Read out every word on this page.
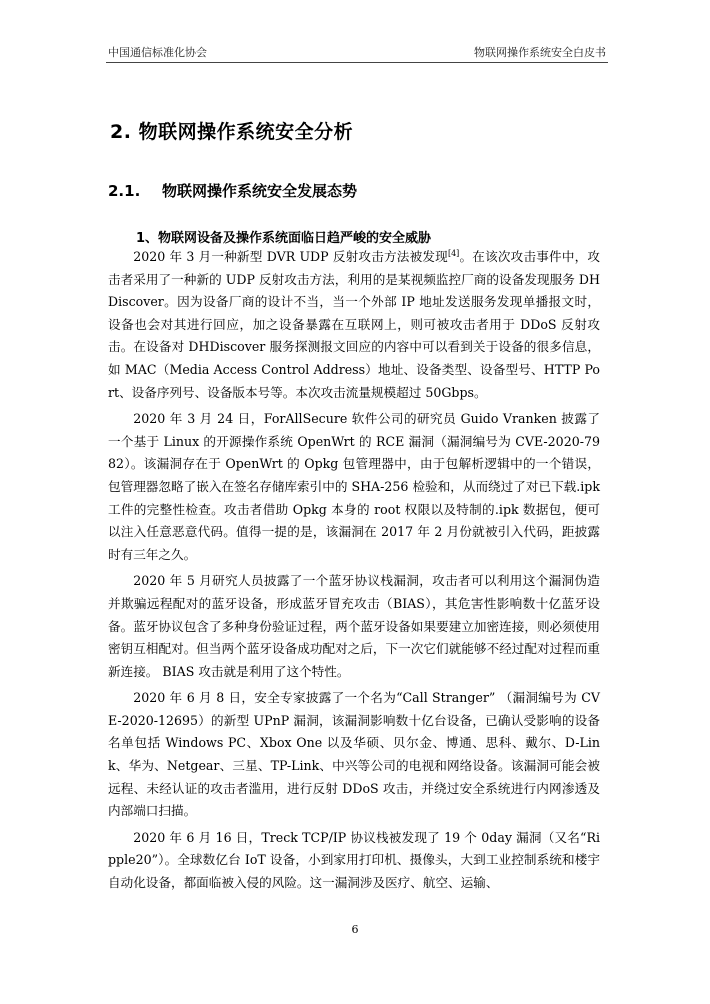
中国通信标准化协会	物联网操作系统安全白皮书
2. 物联网操作系统安全分析
2.1. 物联网操作系统安全发展态势
1、物联网设备及操作系统面临日趋严峻的安全威胁

2020 年 3 月一种新型 DVR UDP 反射攻击方法被发现[4]。在该次攻击事件中，攻击者采用了一种新的 UDP 反射攻击方法，利用的是某视频监控厂商的设备发现服务 DHDiscover。因为设备厂商的设计不当，当一个外部 IP 地址发送服务发现单播报文时，设备也会对其进行回应，加之设备暴露在互联网上，则可被攻击者用于 DDoS 反射攻击。在设备对 DHDiscover 服务探测报文回应的内容中可以看到关于设备的很多信息，如 MAC（Media Access Control Address）地址、设备类型、设备型号、HTTP Port、设备序列号、设备版本号等。本次攻击流量规模超过 50Gbps。

2020 年 3 月 24 日，ForAllSecure 软件公司的研究员 Guido Vranken 披露了一个基于 Linux 的开源操作系统 OpenWrt 的 RCE 漏洞（漏洞编号为 CVE-2020-7982）。该漏洞存在于 OpenWrt 的 Opkg 包管理器中，由于包解析逻辑中的一个错误，包管理器忽略了嵌入在签名存储库索引中的 SHA-256 检验和，从而绕过了对已下载.ipk 工件的完整性检查。攻击者借助 Opkg 本身的 root 权限以及特制的.ipk 数据包，便可以注入任意恶意代码。值得一提的是，该漏洞在 2017 年 2 月份就被引入代码，距披露时有三年之久。

2020 年 5 月研究人员披露了一个蓝牙协议栈漏洞，攻击者可以利用这个漏洞伪造并欺骗远程配对的蓝牙设备，形成蓝牙冒充攻击（BIAS），其危害性影响数十亿蓝牙设备。蓝牙协议包含了多种身份验证过程，两个蓝牙设备如果要建立加密连接，则必须使用密钥互相配对。但当两个蓝牙设备成功配对之后，下一次它们就能够不经过配对过程而重新连接。 BIAS 攻击就是利用了这个特性。

2020 年 6 月 8 日，安全专家披露了一个名为“Call Stranger” （漏洞编号为 CVE-2020-12695）的新型 UPnP 漏洞，该漏洞影响数十亿台设备，已确认受影响的设备名单包括 Windows PC、Xbox One 以及华硕、贝尔金、博通、思科、戴尔、D-Link、华为、Netgear、三星、TP-Link、中兴等公司的电视和网络设备。该漏洞可能会被远程、未经认证的攻击者滥用，进行反射 DDoS 攻击，并绕过安全系统进行内网渗透及内部端口扫描。

2020 年 6 月 16 日，Treck TCP/IP 协议栈被发现了 19 个 0day 漏洞（又名“Ripple20”）。全球数亿台 IoT 设备，小到家用打印机、摄像头，大到工业控制系统和楼宇自动化设备，都面临被入侵的风险。这一漏洞涉及医疗、航空、运输、

6
